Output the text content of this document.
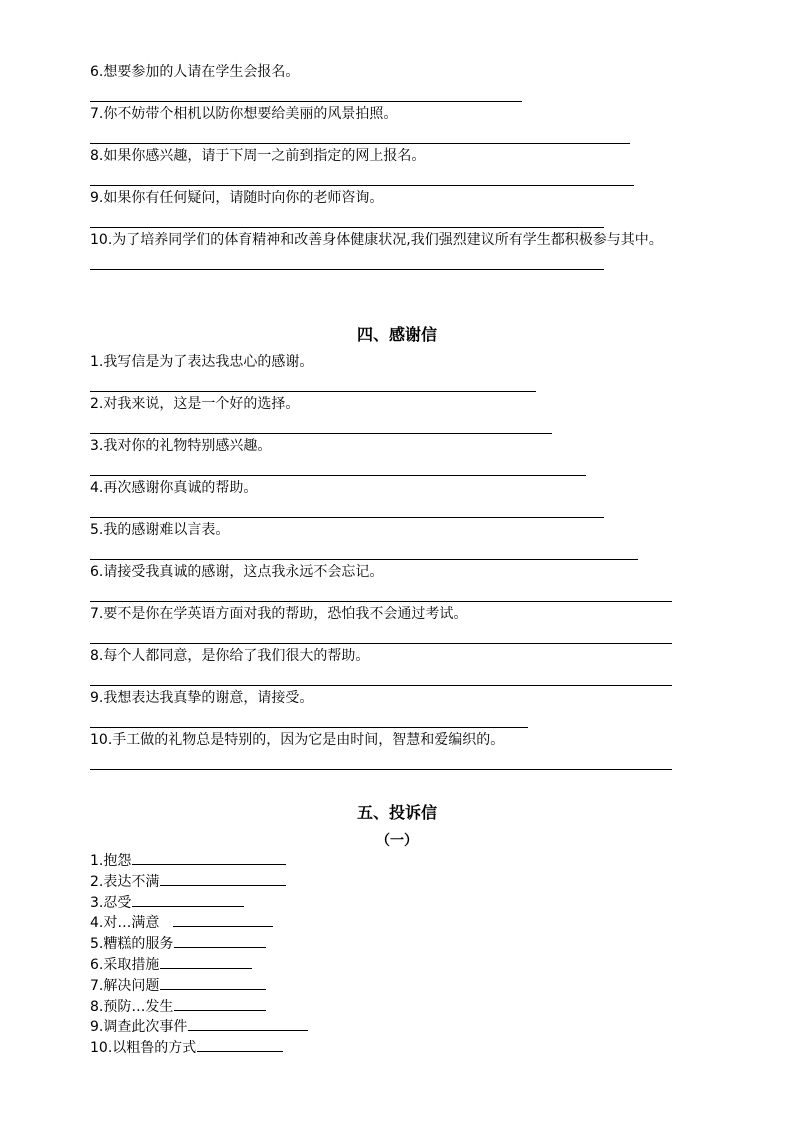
6.想要参加的人请在学生会报名。
7.你不妨带个相机以防你想要给美丽的风景拍照。
8.如果你感兴趣，请于下周一之前到指定的网上报名。
9.如果你有任何疑问，请随时向你的老师咨询。
10.为了培养同学们的体育精神和改善身体健康状况,我们强烈建议所有学生都积极参与其中。
四、感谢信
1.我写信是为了表达我忠心的感谢。
2.对我来说，这是一个好的选择。
3.我对你的礼物特别感兴趣。
4.再次感谢你真诚的帮助。
5.我的感谢难以言表。
6.请接受我真诚的感谢，这点我永远不会忘记。
7.要不是你在学英语方面对我的帮助，恐怕我不会通过考试。
8.每个人都同意，是你给了我们很大的帮助。
9.我想表达我真挚的谢意，请接受。
10.手工做的礼物总是特别的，因为它是由时间，智慧和爱编织的。
五、投诉信
（一）
1.抱怨
2.表达不满
3.忍受
4.对…满意
5.糟糕的服务
6.采取措施
7.解决问题
8.预防…发生
9.调查此次事件
10.以粗鲁的方式
